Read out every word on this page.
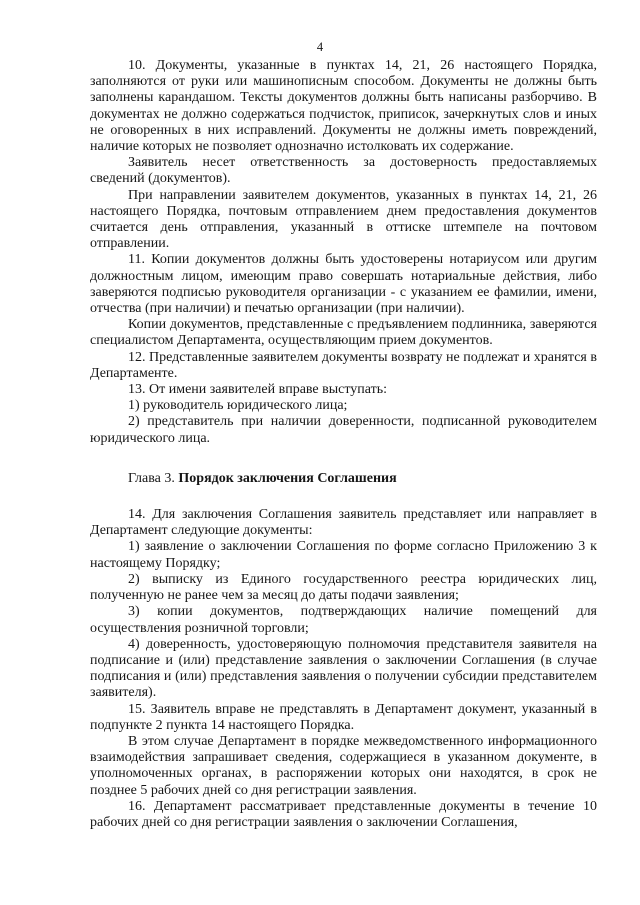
4

10. Документы, указанные в пунктах 14, 21, 26 настоящего Порядка, заполняются от руки или машинописным способом. Документы не должны быть заполнены карандашом. Тексты документов должны быть написаны разборчиво. В документах не должно содержаться подчисток, приписок, зачеркнутых слов и иных не оговоренных в них исправлений. Документы не должны иметь повреждений, наличие которых не позволяет однозначно истолковать их содержание.

Заявитель несет ответственность за достоверность предоставляемых сведений (документов).

При направлении заявителем документов, указанных в пунктах 14, 21, 26 настоящего Порядка, почтовым отправлением днем предоставления документов считается день отправления, указанный в оттиске штемпеле на почтовом отправлении.

11. Копии документов должны быть удостоверены нотариусом или другим должностным лицом, имеющим право совершать нотариальные действия, либо заверяются подписью руководителя организации - с указанием ее фамилии, имени, отчества (при наличии) и печатью организации (при наличии).

Копии документов, представленные с предъявлением подлинника, заверяются специалистом Департамента, осуществляющим прием документов.

12. Представленные заявителем документы возврату не подлежат и хранятся в Департаменте.

13. От имени заявителей вправе выступать:

1) руководитель юридического лица;

2) представитель при наличии доверенности, подписанной руководителем юридического лица.

Глава 3. Порядок заключения Соглашения

14. Для заключения Соглашения заявитель представляет или направляет в Департамент следующие документы:

1) заявление о заключении Соглашения по форме согласно Приложению 3 к настоящему Порядку;

2) выписку из Единого государственного реестра юридических лиц, полученную не ранее чем за месяц до даты подачи заявления;

3) копии документов, подтверждающих наличие помещений для осуществления розничной торговли;

4) доверенность, удостоверяющую полномочия представителя заявителя на подписание и (или) представление заявления о заключении Соглашения (в случае подписания и (или) представления заявления о получении субсидии представителем заявителя).

15. Заявитель вправе не представлять в Департамент документ, указанный в подпункте 2 пункта 14 настоящего Порядка.

В этом случае Департамент в порядке межведомственного информационного взаимодействия запрашивает сведения, содержащиеся в указанном документе, в уполномоченных органах, в распоряжении которых они находятся, в срок не позднее 5 рабочих дней со дня регистрации заявления.

16. Департамент рассматривает представленные документы в течение 10 рабочих дней со дня регистрации заявления о заключении Соглашения,
